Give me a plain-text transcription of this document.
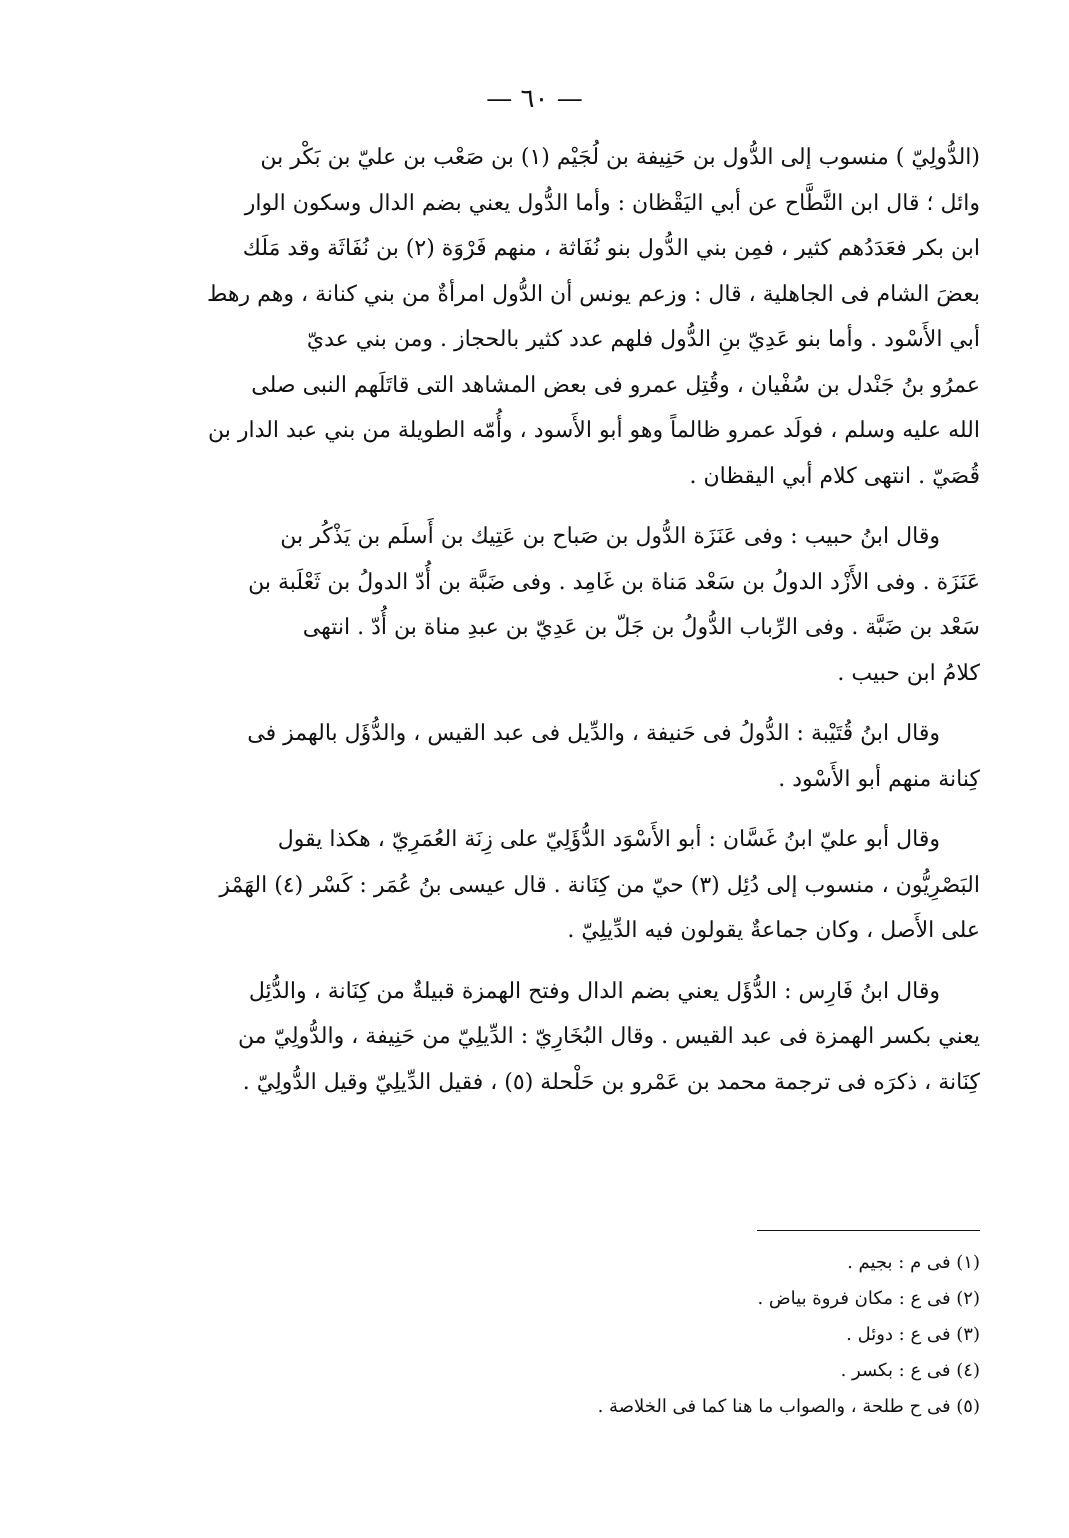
— ٦٠ —

(الدُّولِيّ ) منسوب إلى الدُّول بن حَنِيفة بن لُجَيْم (١) بن صَعْب بن عليّ بن بَكْر بن
وائل ؛ قال ابن النَّطَّاح عن أبي اليَقْظان : وأما الدُّول يعني بضم الدال وسكون الوار
ابن بكر فعَدَدُهم كثير ، فمِن بني الدُّول بنو نُفَاثة ، منهم فَرْوَة (٢) بن نُفَاثَة وقد مَلَك
بعضَ الشام فى الجاهلية ، قال : وزعم يونس أن الدُّول امرأةٌ من بني كنانة ، وهم رهط
أبي الأَسْود . وأما بنو عَدِيّ بنِ الدُّول فلهم عدد كثير بالحجاز . ومن بني عديّ
عمرُو بنُ جَنْدل بن سُفْيان ، وقُتِل عمرو فى بعض المشاهد التى قاتَلَهم النبى صلى
الله عليه وسلم ، فولَد عمرو ظالماً وهو أبو الأَسود ، وأُمّه الطويلة من بني عبد الدار بن
قُصَيّ . انتهى كلام أبي اليقظان .

وقال ابنُ حبيب : وفى عَنَزَة الدُّول بن صَباح بن عَتِيك بن أَسلَم بن يَذْكُر بن
عَنَزَة . وفى الأَزْد الدولُ بن سَعْد مَناة بن غَامِد . وفى ضَبَّة بن أُدّ الدولُ بن ثَعْلَبة بن
سَعْد بن ضَبَّة . وفى الرِّباب الدُّولُ بن جَلّ بن عَدِيّ بن عبدِ مناة بن أُدّ . انتهى
كلامُ ابن حبيب .

وقال ابنُ قُتَيْبة : الدُّولُ فى حَنيفة ، والدِّيل فى عبد القيس ، والدُّؤَل بالهمز فى
كِنانة منهم أبو الأَسْود .

وقال أبو عليّ ابنُ غَسَّان : أبو الأَسْوَد الدُّؤَلِيّ على زِنَة العُمَرِيّ ، هكذا يقول
البَصْرِيُّون ، منسوب إلى دُئِل (٣) حيّ من كِنَانة . قال عيسى بنُ عُمَر : كَسْر (٤) الهَمْز
على الأَصل ، وكان جماعةٌ يقولون فيه الدِّيلِيّ .

وقال ابنُ فَارِس : الدُّؤَل يعني بضم الدال وفتح الهمزة قبيلةٌ من كِنَانة ، والدُّئِل
يعني بكسر الهمزة فى عبد القيس . وقال البُخَارِيّ : الدِّيلِيّ من حَنِيفة ، والدُّولِيّ من
كِنَانة ، ذكرَه فى ترجمة محمد بن عَمْرو بن حَلْحلة (٥) ، فقيل الدِّيلِيّ وقيل الدُّولِيّ .

(١) فى م : بجيم .
(٢) فى ع : مكان فروة بياض .
(٣) فى ع : دوئل .
(٤) فى ع : بكسر .
(٥) فى ح طلحة ، والصواب ما هنا كما فى الخلاصة .
